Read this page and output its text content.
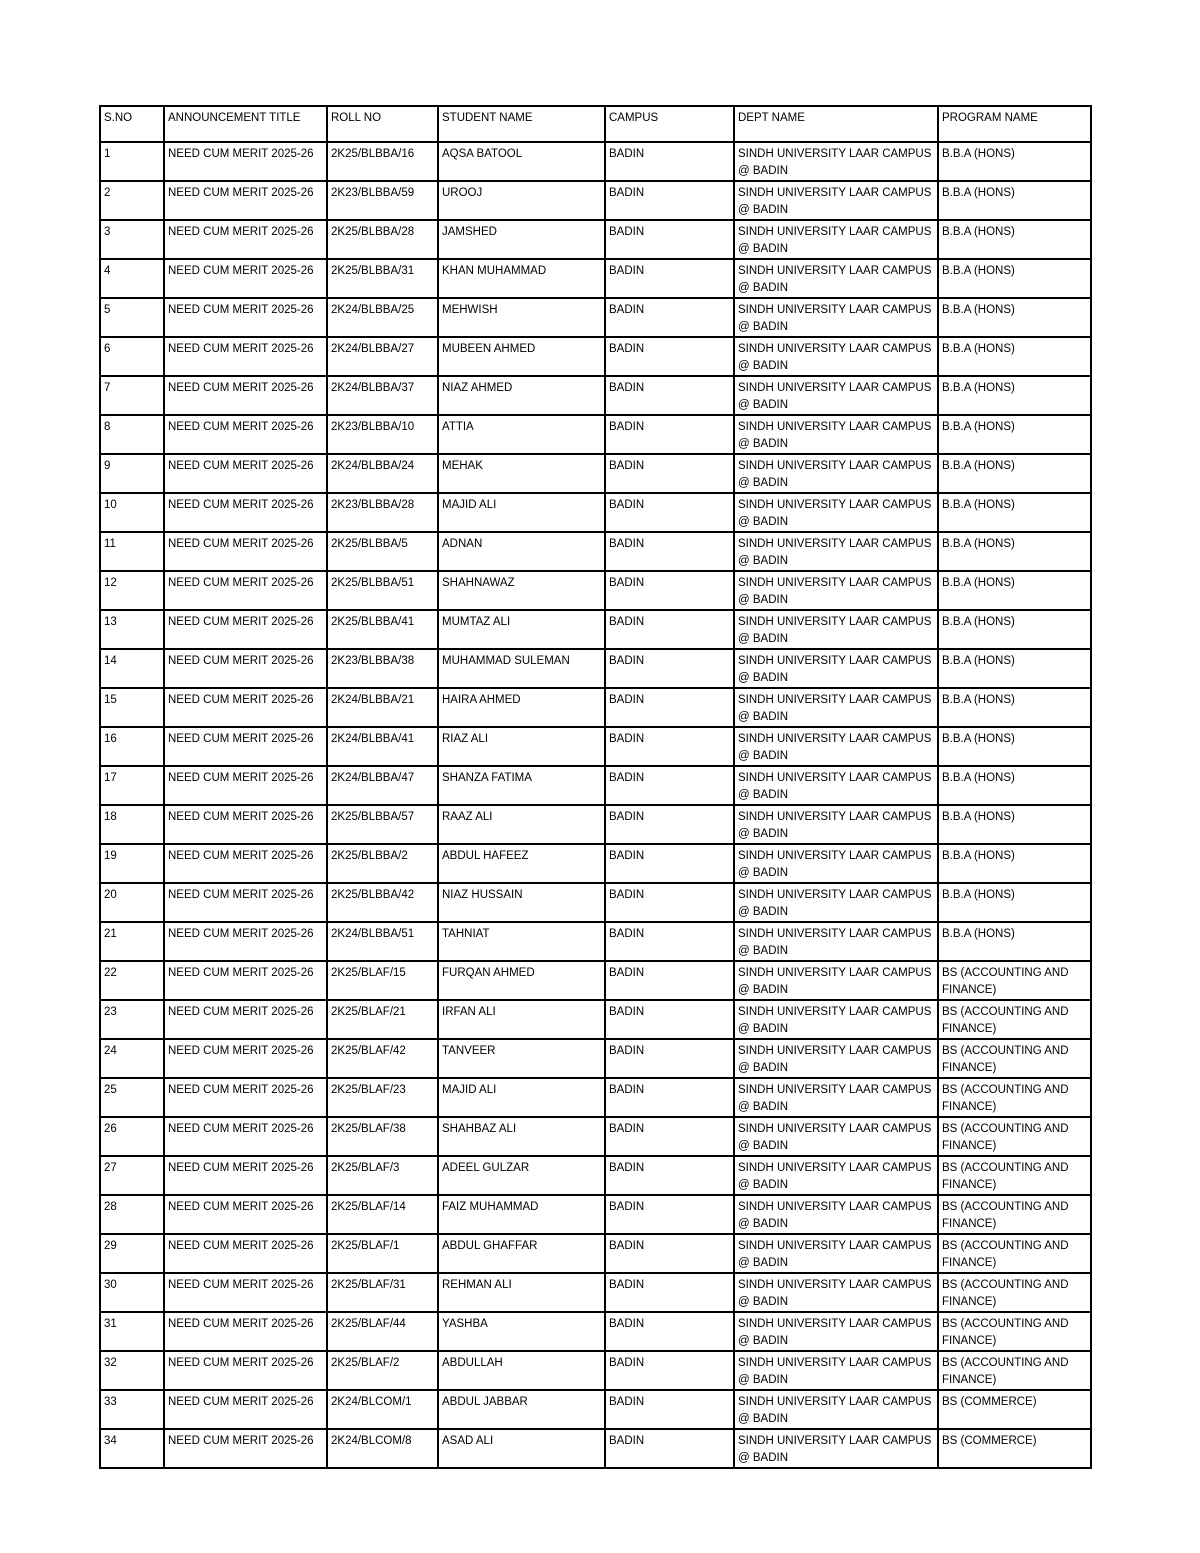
S.NO	ANNOUNCEMENT TITLE	ROLL NO	STUDENT NAME	CAMPUS	DEPT NAME	PROGRAM NAME
1	NEED CUM MERIT 2025-26	2K25/BLBBA/16	AQSA BATOOL	BADIN	SINDH UNIVERSITY LAAR CAMPUS @ BADIN	B.B.A (HONS)
2	NEED CUM MERIT 2025-26	2K23/BLBBA/59	UROOJ	BADIN	SINDH UNIVERSITY LAAR CAMPUS @ BADIN	B.B.A (HONS)
3	NEED CUM MERIT 2025-26	2K25/BLBBA/28	JAMSHED	BADIN	SINDH UNIVERSITY LAAR CAMPUS @ BADIN	B.B.A (HONS)
4	NEED CUM MERIT 2025-26	2K25/BLBBA/31	KHAN MUHAMMAD	BADIN	SINDH UNIVERSITY LAAR CAMPUS @ BADIN	B.B.A (HONS)
5	NEED CUM MERIT 2025-26	2K24/BLBBA/25	MEHWISH	BADIN	SINDH UNIVERSITY LAAR CAMPUS @ BADIN	B.B.A (HONS)
6	NEED CUM MERIT 2025-26	2K24/BLBBA/27	MUBEEN AHMED	BADIN	SINDH UNIVERSITY LAAR CAMPUS @ BADIN	B.B.A (HONS)
7	NEED CUM MERIT 2025-26	2K24/BLBBA/37	NIAZ AHMED	BADIN	SINDH UNIVERSITY LAAR CAMPUS @ BADIN	B.B.A (HONS)
8	NEED CUM MERIT 2025-26	2K23/BLBBA/10	ATTIA	BADIN	SINDH UNIVERSITY LAAR CAMPUS @ BADIN	B.B.A (HONS)
9	NEED CUM MERIT 2025-26	2K24/BLBBA/24	MEHAK	BADIN	SINDH UNIVERSITY LAAR CAMPUS @ BADIN	B.B.A (HONS)
10	NEED CUM MERIT 2025-26	2K23/BLBBA/28	MAJID ALI	BADIN	SINDH UNIVERSITY LAAR CAMPUS @ BADIN	B.B.A (HONS)
11	NEED CUM MERIT 2025-26	2K25/BLBBA/5	ADNAN	BADIN	SINDH UNIVERSITY LAAR CAMPUS @ BADIN	B.B.A (HONS)
12	NEED CUM MERIT 2025-26	2K25/BLBBA/51	SHAHNAWAZ	BADIN	SINDH UNIVERSITY LAAR CAMPUS @ BADIN	B.B.A (HONS)
13	NEED CUM MERIT 2025-26	2K25/BLBBA/41	MUMTAZ ALI	BADIN	SINDH UNIVERSITY LAAR CAMPUS @ BADIN	B.B.A (HONS)
14	NEED CUM MERIT 2025-26	2K23/BLBBA/38	MUHAMMAD SULEMAN	BADIN	SINDH UNIVERSITY LAAR CAMPUS @ BADIN	B.B.A (HONS)
15	NEED CUM MERIT 2025-26	2K24/BLBBA/21	HAIRA AHMED	BADIN	SINDH UNIVERSITY LAAR CAMPUS @ BADIN	B.B.A (HONS)
16	NEED CUM MERIT 2025-26	2K24/BLBBA/41	RIAZ ALI	BADIN	SINDH UNIVERSITY LAAR CAMPUS @ BADIN	B.B.A (HONS)
17	NEED CUM MERIT 2025-26	2K24/BLBBA/47	SHANZA FATIMA	BADIN	SINDH UNIVERSITY LAAR CAMPUS @ BADIN	B.B.A (HONS)
18	NEED CUM MERIT 2025-26	2K25/BLBBA/57	RAAZ ALI	BADIN	SINDH UNIVERSITY LAAR CAMPUS @ BADIN	B.B.A (HONS)
19	NEED CUM MERIT 2025-26	2K25/BLBBA/2	ABDUL HAFEEZ	BADIN	SINDH UNIVERSITY LAAR CAMPUS @ BADIN	B.B.A (HONS)
20	NEED CUM MERIT 2025-26	2K25/BLBBA/42	NIAZ HUSSAIN	BADIN	SINDH UNIVERSITY LAAR CAMPUS @ BADIN	B.B.A (HONS)
21	NEED CUM MERIT 2025-26	2K24/BLBBA/51	TAHNIAT	BADIN	SINDH UNIVERSITY LAAR CAMPUS @ BADIN	B.B.A (HONS)
22	NEED CUM MERIT 2025-26	2K25/BLAF/15	FURQAN AHMED	BADIN	SINDH UNIVERSITY LAAR CAMPUS @ BADIN	BS (ACCOUNTING AND FINANCE)
23	NEED CUM MERIT 2025-26	2K25/BLAF/21	IRFAN ALI	BADIN	SINDH UNIVERSITY LAAR CAMPUS @ BADIN	BS (ACCOUNTING AND FINANCE)
24	NEED CUM MERIT 2025-26	2K25/BLAF/42	TANVEER	BADIN	SINDH UNIVERSITY LAAR CAMPUS @ BADIN	BS (ACCOUNTING AND FINANCE)
25	NEED CUM MERIT 2025-26	2K25/BLAF/23	MAJID ALI	BADIN	SINDH UNIVERSITY LAAR CAMPUS @ BADIN	BS (ACCOUNTING AND FINANCE)
26	NEED CUM MERIT 2025-26	2K25/BLAF/38	SHAHBAZ ALI	BADIN	SINDH UNIVERSITY LAAR CAMPUS @ BADIN	BS (ACCOUNTING AND FINANCE)
27	NEED CUM MERIT 2025-26	2K25/BLAF/3	ADEEL GULZAR	BADIN	SINDH UNIVERSITY LAAR CAMPUS @ BADIN	BS (ACCOUNTING AND FINANCE)
28	NEED CUM MERIT 2025-26	2K25/BLAF/14	FAIZ MUHAMMAD	BADIN	SINDH UNIVERSITY LAAR CAMPUS @ BADIN	BS (ACCOUNTING AND FINANCE)
29	NEED CUM MERIT 2025-26	2K25/BLAF/1	ABDUL GHAFFAR	BADIN	SINDH UNIVERSITY LAAR CAMPUS @ BADIN	BS (ACCOUNTING AND FINANCE)
30	NEED CUM MERIT 2025-26	2K25/BLAF/31	REHMAN ALI	BADIN	SINDH UNIVERSITY LAAR CAMPUS @ BADIN	BS (ACCOUNTING AND FINANCE)
31	NEED CUM MERIT 2025-26	2K25/BLAF/44	YASHBA	BADIN	SINDH UNIVERSITY LAAR CAMPUS @ BADIN	BS (ACCOUNTING AND FINANCE)
32	NEED CUM MERIT 2025-26	2K25/BLAF/2	ABDULLAH	BADIN	SINDH UNIVERSITY LAAR CAMPUS @ BADIN	BS (ACCOUNTING AND FINANCE)
33	NEED CUM MERIT 2025-26	2K24/BLCOM/1	ABDUL JABBAR	BADIN	SINDH UNIVERSITY LAAR CAMPUS @ BADIN	BS (COMMERCE)
34	NEED CUM MERIT 2025-26	2K24/BLCOM/8	ASAD ALI	BADIN	SINDH UNIVERSITY LAAR CAMPUS @ BADIN	BS (COMMERCE)
